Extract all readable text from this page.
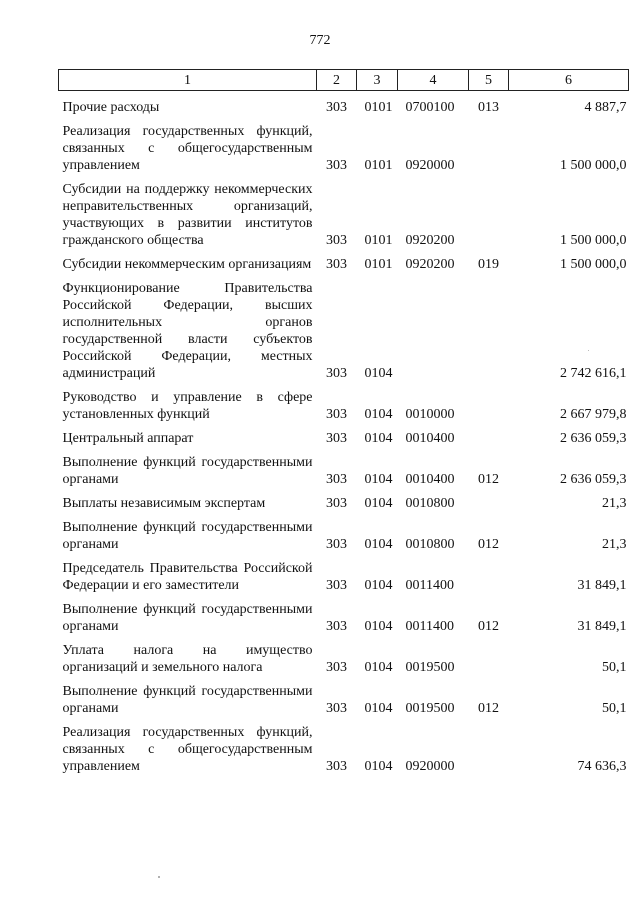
772
1	2	3	4	5	6
Прочие расходы	303	0101	0700100	013	4 887,7
Реализация государственных функций, связанных с общегосударственным управлением	303	0101	0920000		1 500 000,0
Субсидии на поддержку некоммерческих неправительственных организаций, участвующих в развитии институтов гражданского общества	303	0101	0920200		1 500 000,0
Субсидии некоммерческим организациям	303	0101	0920200	019	1 500 000,0
Функционирование Правительства Российской Федерации, высших исполнительных органов государственной власти субъектов Российской Федерации, местных администраций	303	0104			2 742 616,1
Руководство и управление в сфере установленных функций	303	0104	0010000		2 667 979,8
Центральный аппарат	303	0104	0010400		2 636 059,3
Выполнение функций государственными органами	303	0104	0010400	012	2 636 059,3
Выплаты независимым экспертам	303	0104	0010800		21,3
Выполнение функций государственными органами	303	0104	0010800	012	21,3
Председатель Правительства Российской Федерации и его заместители	303	0104	0011400		31 849,1
Выполнение функций государственными органами	303	0104	0011400	012	31 849,1
Уплата налога на имущество организаций и земельного налога	303	0104	0019500		50,1
Выполнение функций государственными органами	303	0104	0019500	012	50,1
Реализация государственных функций, связанных с общегосударственным управлением	303	0104	0920000		74 636,3
